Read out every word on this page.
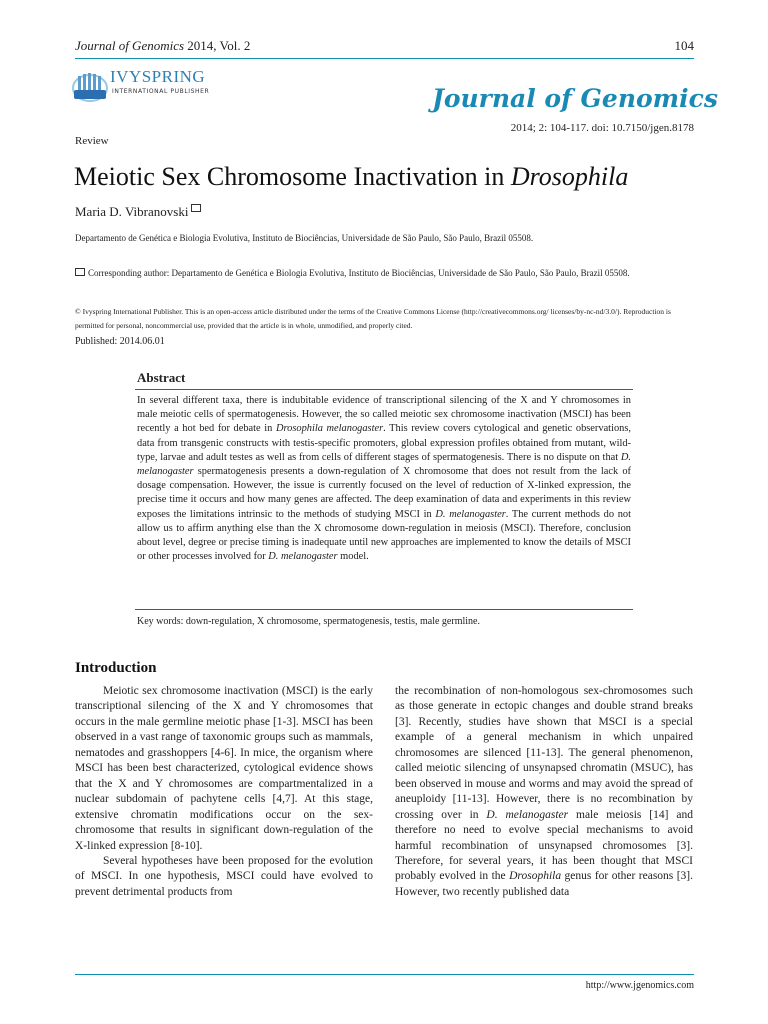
Journal of Genomics 2014, Vol. 2	104
IVYSPRING
INTERNATIONAL PUBLISHER	Journal of Genomics
2014; 2: 104-117. doi: 10.7150/jgen.8178
Review
Meiotic Sex Chromosome Inactivation in Drosophila
Maria D. Vibranovski
Departamento de Genética e Biologia Evolutiva, Instituto de Biociências, Universidade de São Paulo, São Paulo, Brazil 05508.
Corresponding author: Departamento de Genética e Biologia Evolutiva, Instituto de Biociências, Universidade de São Paulo, São Paulo, Brazil 05508.
© Ivyspring International Publisher. This is an open-access article distributed under the terms of the Creative Commons License (http://creativecommons.org/ licenses/by-nc-nd/3.0/). Reproduction is permitted for personal, noncommercial use, provided that the article is in whole, unmodified, and properly cited.
Published: 2014.06.01
Abstract
In several different taxa, there is indubitable evidence of transcriptional silencing of the X and Y chromosomes in male meiotic cells of spermatogenesis. However, the so called meiotic sex chromosome inactivation (MSCI) has been recently a hot bed for debate in Drosophila melanogaster. This review covers cytological and genetic observations, data from transgenic constructs with testis-specific promoters, global expression profiles obtained from mutant, wild-type, larvae and adult testes as well as from cells of different stages of spermatogenesis. There is no dispute on that D. melanogaster spermatogenesis presents a down-regulation of X chromosome that does not result from the lack of dosage compensation. However, the issue is currently focused on the level of reduction of X-linked expression, the precise time it occurs and how many genes are affected. The deep examination of data and experiments in this review exposes the limitations intrinsic to the methods of studying MSCI in D. melanogaster. The current methods do not allow us to affirm anything else than the X chromosome down-regulation in meiosis (MSCI). Therefore, conclusion about level, degree or precise timing is inadequate until new approaches are implemented to know the details of MSCI or other processes involved for D. melanogaster model.
Key words: down-regulation, X chromosome, spermatogenesis, testis, male germline.
Introduction

Meiotic sex chromosome inactivation (MSCI) is the early transcriptional silencing of the X and Y chromosomes that occurs in the male germline meiotic phase [1-3]. MSCI has been observed in a vast range of taxonomic groups such as mammals, nematodes and grasshoppers [4-6]. In mice, the organism where MSCI has been best characterized, cytological evidence shows that the X and Y chromosomes are compartmentalized in a nuclear subdomain of pachytene cells [4,7]. At this stage, extensive chromatin modifications occur on the sex-chromosome that results in significant down-regulation of the X-linked expression [8-10].

Several hypotheses have been proposed for the evolution of MSCI. In one hypothesis, MSCI could have evolved to prevent detrimental products from

the recombination of non-homologous sex-chromosomes such as those generate in ectopic changes and double strand breaks [3]. Recently, studies have shown that MSCI is a special example of a general mechanism in which unpaired chromosomes are silenced [11-13]. The general phenomenon, called meiotic silencing of unsynapsed chromatin (MSUC), has been observed in mouse and worms and may avoid the spread of aneuploidy [11-13]. However, there is no recombination by crossing over in D. melanogaster male meiosis [14] and therefore no need to evolve special mechanisms to avoid harmful recombination of unsynapsed chromosomes [3]. Therefore, for several years, it has been thought that MSCI probably evolved in the Drosophila genus for other reasons [3]. However, two recently published data

http://www.jgenomics.com
